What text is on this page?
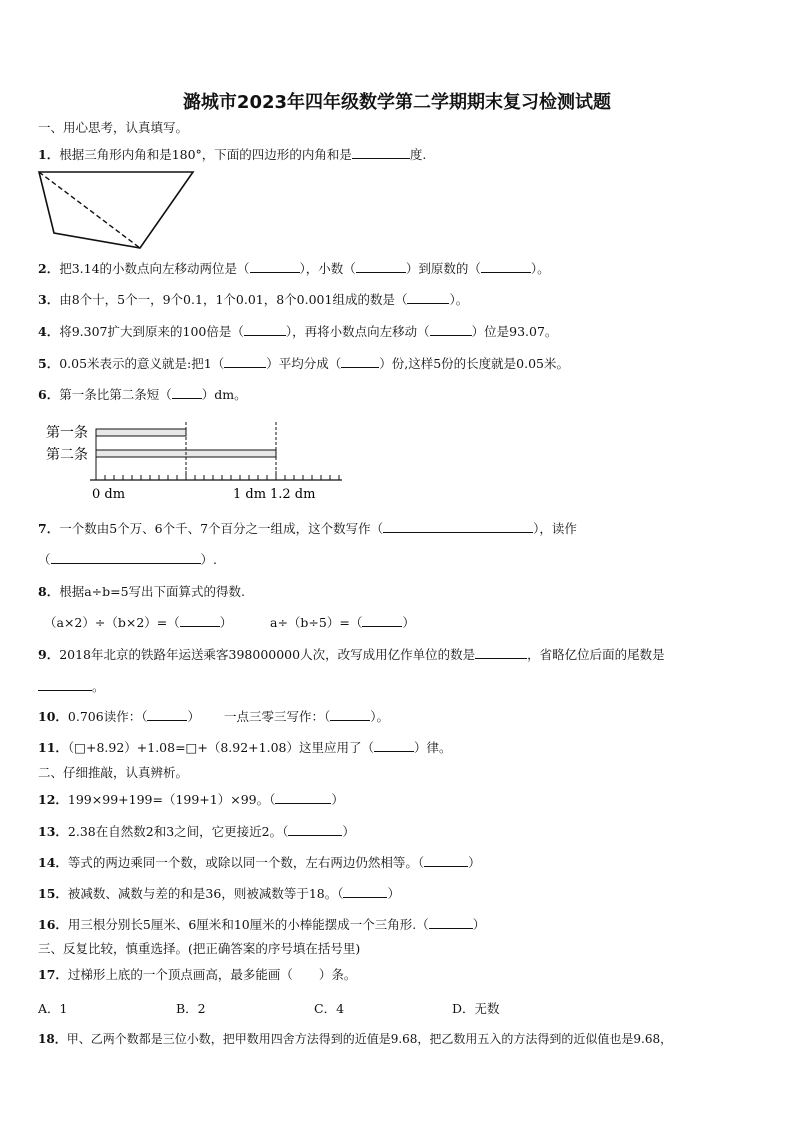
潞城市2023年四年级数学第二学期期末复习检测试题
一、用心思考，认真填写。
1．根据三角形内角和是180°，下面的四边形的内角和是	度.
2．把3.14的小数点向左移动两位是（	），小数（	）到原数的（	）。
3．由8个十，5个一，9个0.1，1个0.01，8个0.001组成的数是（	）。
4．将9.307扩大到原来的100倍是（	），再将小数点向左移动（	）位是93.07。
5．0.05米表示的意义就是:把1（	）平均分成（	）份,这样5份的长度就是0.05米。
6．第一条比第二条短（ ）dm。
第一条
第二条
0 dm	1 dm 1.2 dm
7．一个数由5个万、6个千、7个百分之一组成，这个数写作（	），读作
（	）.
8．根据a÷b=5写出下面算式的得数.
（a×2）÷（b×2）=（	）	a÷（b÷5）=（	）
9．2018年北京的铁路年运送乘客398000000人次，改写成用亿作单位的数是	，省略亿位后面的尾数是
。
10．0.706读作：（	） 一点三零三写作：（	）。
11．（□+8.92）+1.08=□+（8.92+1.08）这里应用了（	）律。
二、仔细推敲，认真辨析。
12．199×99+199=（199+1）×99。（	）
13．2.38在自然数2和3之间，它更接近2。（	）
14．等式的两边乘同一个数，或除以同一个数，左右两边仍然相等。（	）
15．被减数、减数与差的和是36，则被减数等于18。（	）
16．用三根分别长5厘米、6厘米和10厘米的小棒能摆成一个三角形.（	）
三、反复比较，慎重选择。(把正确答案的序号填在括号里)
17．过梯形上底的一个顶点画高，最多能画（ ）条。
A．1	B．2	C．4	D．无数
18．甲、乙两个数都是三位小数，把甲数用四舍方法得到的近值是9.68，把乙数用五入的方法得到的近似值也是9.68，
